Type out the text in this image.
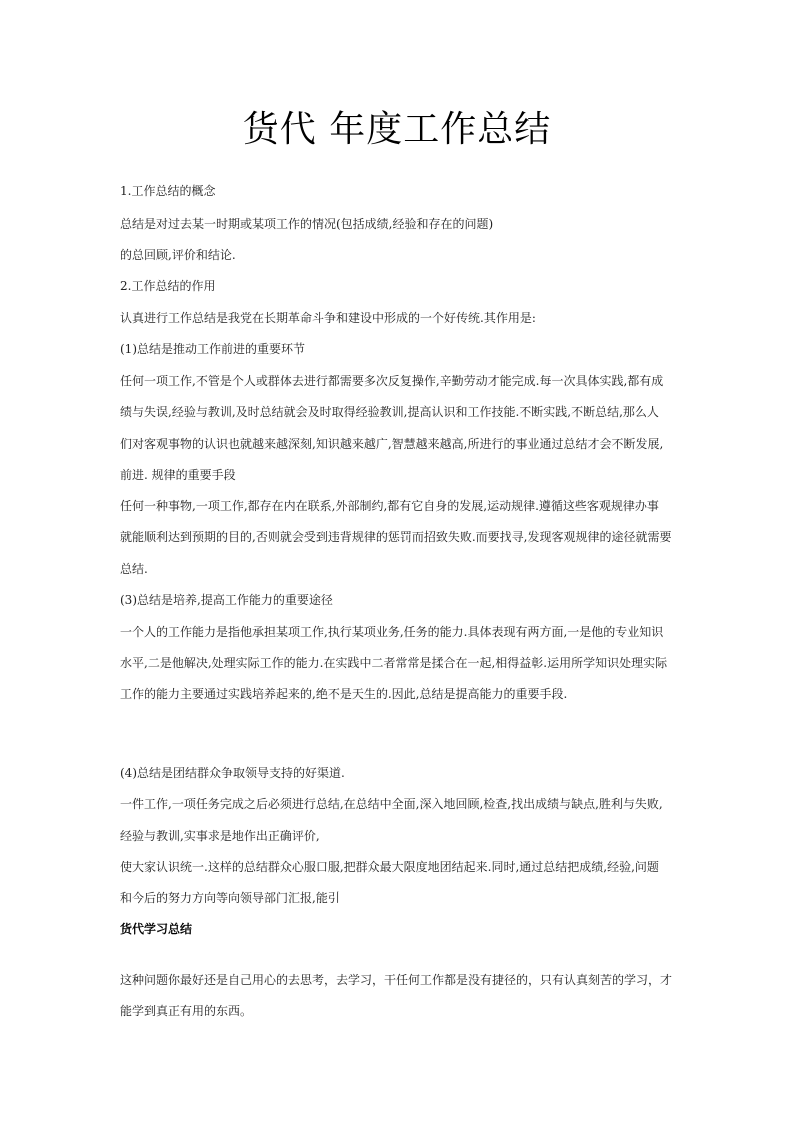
货代 年度工作总结
1.工作总结的概念
总结是对过去某一时期或某项工作的情况(包括成绩,经验和存在的问题)
的总回顾,评价和结论.
2.工作总结的作用
认真进行工作总结是我党在长期革命斗争和建设中形成的一个好传统.其作用是:
(1)总结是推动工作前进的重要环节
任何一项工作,不管是个人或群体去进行都需要多次反复操作,辛勤劳动才能完成.每一次具体实践,都有成
绩与失误,经验与教训,及时总结就会及时取得经验教训,提高认识和工作技能.不断实践,不断总结,那么人
们对客观事物的认识也就越来越深刻,知识越来越广,智慧越来越高,所进行的事业通过总结才会不断发展,
前进. 规律的重要手段
任何一种事物,一项工作,都存在内在联系,外部制约,都有它自身的发展,运动规律.遵循这些客观规律办事
就能顺利达到预期的目的,否则就会受到违背规律的惩罚而招致失败.而要找寻,发现客观规律的途径就需要
总结.
(3)总结是培养,提高工作能力的重要途径
一个人的工作能力是指他承担某项工作,执行某项业务,任务的能力.具体表现有两方面,一是他的专业知识
水平,二是他解决,处理实际工作的能力.在实践中二者常常是揉合在一起,相得益彰.运用所学知识处理实际
工作的能力主要通过实践培养起来的,绝不是天生的.因此,总结是提高能力的重要手段.
(4)总结是团结群众争取领导支持的好渠道.
一件工作,一项任务完成之后必须进行总结,在总结中全面,深入地回顾,检查,找出成绩与缺点,胜利与失败,
经验与教训,实事求是地作出正确评价,
使大家认识统一.这样的总结群众心服口服,把群众最大限度地团结起来.同时,通过总结把成绩,经验,问题
和今后的努力方向等向领导部门汇报,能引
货代学习总结
这种问题你最好还是自己用心的去思考，去学习，干任何工作都是没有捷径的，只有认真刻苦的学习，才
能学到真正有用的东西。
